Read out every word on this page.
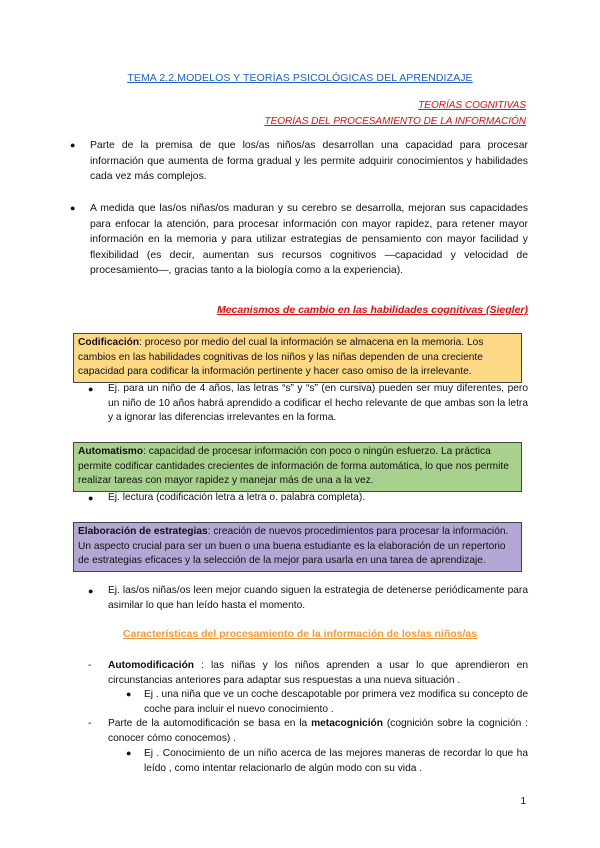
TEMA 2.2.MODELOS Y TEORÍAS PSICOLÓGICAS DEL APRENDIZAJE
TEORÍAS COGNITIVAS
TEORÍAS DEL PROCESAMIENTO DE LA INFORMACIÓN
● Parte de la premisa de que los/as niños/as desarrollan una capacidad para procesar información que aumenta de forma gradual y les permite adquirir conocimientos y habilidades cada vez más complejos.
● A medida que las/os niñas/os maduran y su cerebro se desarrolla, mejoran sus capacidades para enfocar la atención, para procesar información con mayor rapidez, para retener mayor información en la memoria y para utilizar estrategias de pensamiento con mayor facilidad y flexibilidad (es decir, aumentan sus recursos cognitivos —capacidad y velocidad de procesamiento—, gracias tanto a la biología como a la experiencia).
Mecanismos de cambio en las habilidades cognitivas (Siegler)
Codificación: proceso por medio del cual la información se almacena en la memoria. Los cambios en las habilidades cognitivas de los niños y las niñas dependen de una creciente capacidad para codificar la información pertinente y hacer caso omiso de la irrelevante.
● Ej. para un niño de 4 años, las letras “s” y “s” (en cursiva) pueden ser muy diferentes, pero un niño de 10 años habrá aprendido a codificar el hecho relevante de que ambas son la letra y a ignorar las diferencias irrelevantes en la forma.
Automatismo: capacidad de procesar información con poco o ningún esfuerzo. La práctica permite codificar cantidades crecientes de información de forma automática, lo que nos permite realizar tareas con mayor rapidez y manejar más de una a la vez.
● Ej. lectura (codificación letra a letra o. palabra completa).
Elaboración de estrategias: creación de nuevos procedimientos para procesar la información. Un aspecto crucial para ser un buen o una buena estudiante es la elaboración de un repertorio de estrategias eficaces y la selección de la mejor para usarla en una tarea de aprendizaje.
● Ej. las/os niñas/os leen mejor cuando siguen la estrategia de detenerse periódicamente para asimilar lo que han leído hasta el momento.
Características del procesamiento de la información de los/as niños/as
- Automodificación : las niñas y los niños aprenden a usar lo que aprendieron en circunstancias anteriores para adaptar sus respuestas a una nueva situación .
● Ej . una niña que ve un coche descapotable por primera vez modifica su concepto de coche para incluir el nuevo conocimiento .
- Parte de la automodificación se basa en la metacognición (cognición sobre la cognición : conocer cómo conocemos) .
● Ej . Conocimiento de un niño acerca de las mejores maneras de recordar lo que ha leído , como intentar relacionarlo de algún modo con su vida .
1
